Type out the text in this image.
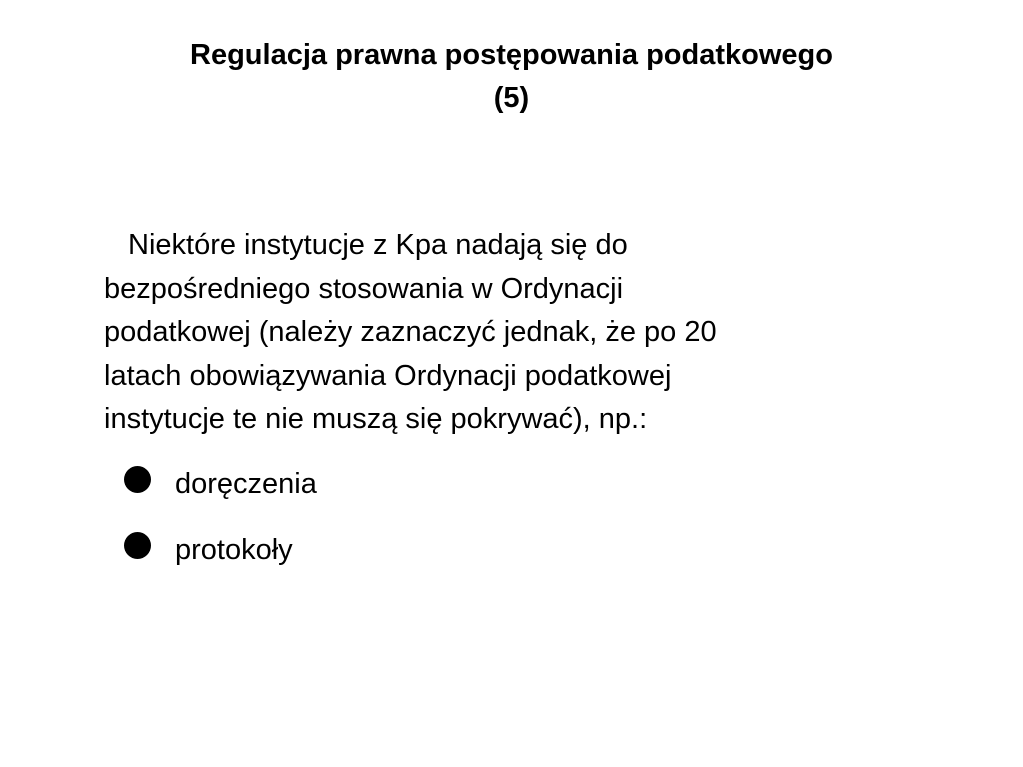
Regulacja prawna postępowania podatkowego
(5)

Niektóre instytucje z Kpa nadają się do
bezpośredniego stosowania w Ordynacji
podatkowej (należy zaznaczyć jednak, że po 20
latach obowiązywania Ordynacji podatkowej
instytucje te nie muszą się pokrywać), np.:

doręczenia
protokoły
